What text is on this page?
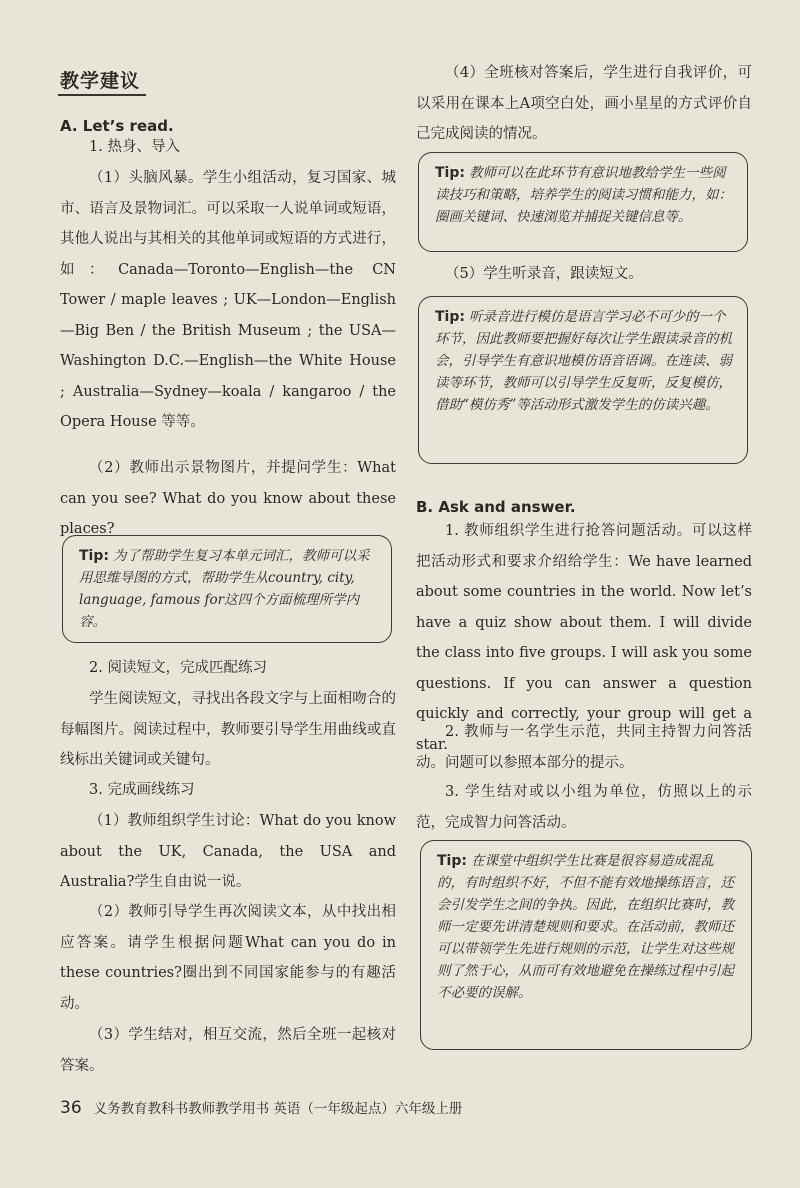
教学建议
A. Let’s read.

1. 热身、导入

（1）头脑风暴。学生小组活动，复习国家、城市、语言及景物词汇。可以采取一人说单词或短语，其他人说出与其相关的其他单词或短语的方式进行，如：Canada—Toronto—English—the CN Tower / maple leaves ; UK—London—English—Big Ben / the British Museum ; the USA—Washington D.C.—English—the White House ; Australia—Sydney—koala / kangaroo / the Opera House 等等。

（2）教师出示景物图片，并提问学生：What can you see? What do you know about these places?

Tip: 为了帮助学生复习本单元词汇，教师可以采用思维导图的方式，帮助学生从country, city, language, famous for这四个方面梳理所学内容。

2. 阅读短文，完成匹配练习

学生阅读短文，寻找出各段文字与上面相吻合的每幅图片。阅读过程中，教师要引导学生用曲线或直线标出关键词或关键句。

3. 完成画线练习

（1）教师组织学生讨论：What do you know about the UK, Canada, the USA and Australia?学生自由说一说。

（2）教师引导学生再次阅读文本，从中找出相应答案。请学生根据问题What can you do in these countries?圈出到不同国家能参与的有趣活动。

（3）学生结对，相互交流，然后全班一起核对答案。

（4）全班核对答案后，学生进行自我评价，可以采用在课本上A项空白处，画小星星的方式评价自己完成阅读的情况。

Tip: 教师可以在此环节有意识地教给学生一些阅读技巧和策略，培养学生的阅读习惯和能力，如：圈画关键词、快速浏览并捕捉关键信息等。

（5）学生听录音，跟读短文。

Tip: 听录音进行模仿是语言学习必不可少的一个环节，因此教师要把握好每次让学生跟读录音的机会，引导学生有意识地模仿语音语调。在连读、弱读等环节，教师可以引导学生反复听，反复模仿，借助“模仿秀”等活动形式激发学生的仿读兴趣。
B. Ask and answer.

1. 教师组织学生进行抢答问题活动。可以这样把活动形式和要求介绍给学生：We have learned about some countries in the world. Now let’s have a quiz show about them. I will divide the class into five groups. I will ask you some questions. If you can answer a question quickly and correctly, your group will get a star.

2. 教师与一名学生示范，共同主持智力问答活动。问题可以参照本部分的提示。

3. 学生结对或以小组为单位，仿照以上的示范，完成智力问答活动。

Tip: 在课堂中组织学生比赛是很容易造成混乱的，有时组织不好，不但不能有效地操练语言，还会引发学生之间的争执。因此，在组织比赛时，教师一定要先讲清楚规则和要求。在活动前，教师还可以带领学生先进行规则的示范，让学生对这些规则了然于心，从而可有效地避免在操练过程中引起不必要的误解。
36 义务教育教科书教师教学用书 英语（一年级起点）六年级上册
